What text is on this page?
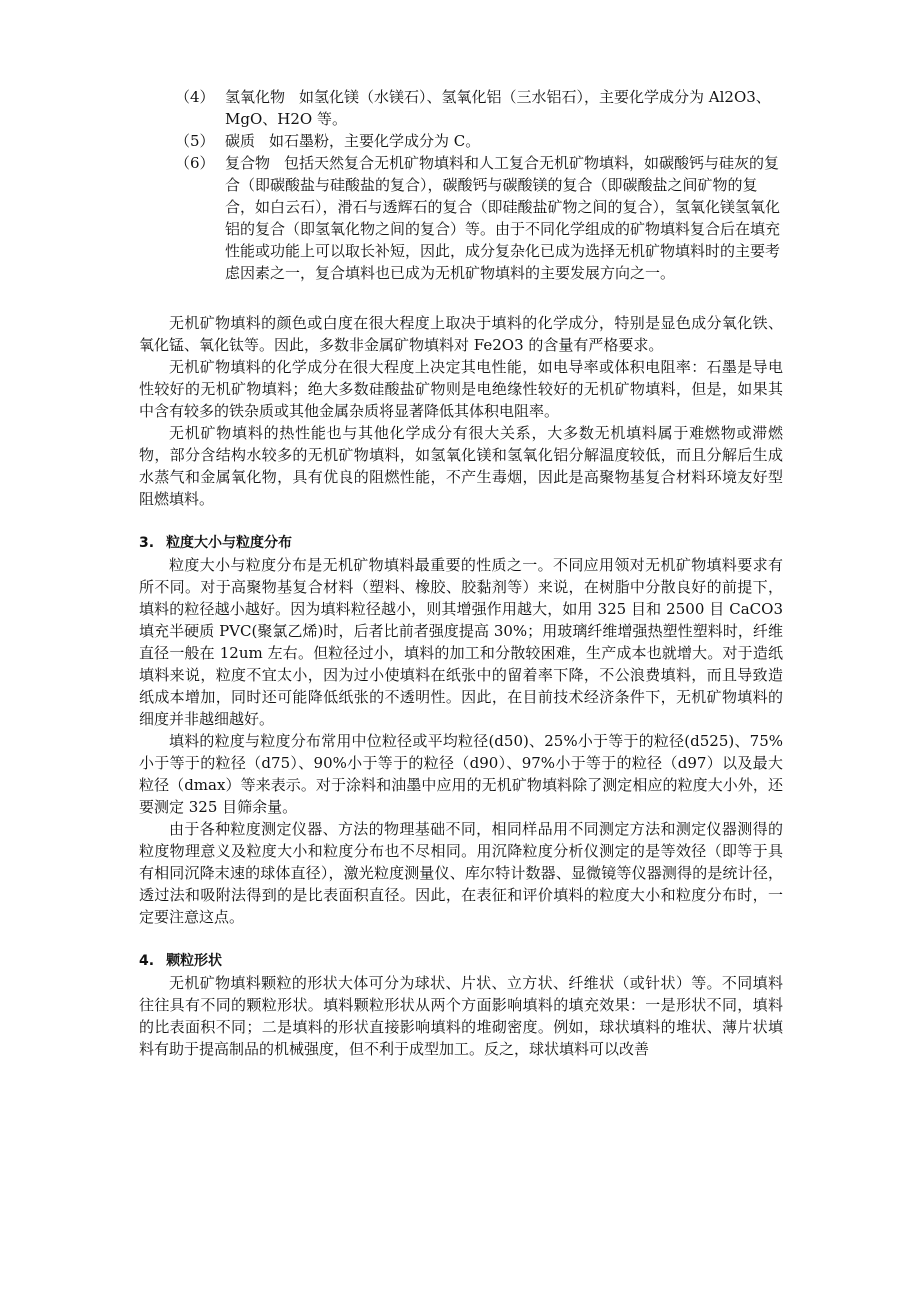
（4） 氢氧化物 如氢化镁（水镁石）、氢氧化铝（三水铝石），主要化学成分为 Al2O3、MgO、H2O 等。
（5） 碳质 如石墨粉，主要化学成分为 C。
（6） 复合物 包括天然复合无机矿物填料和人工复合无机矿物填料，如碳酸钙与硅灰的复合（即碳酸盐与硅酸盐的复合），碳酸钙与碳酸镁的复合（即碳酸盐之间矿物的复合，如白云石），滑石与透辉石的复合（即硅酸盐矿物之间的复合），氢氧化镁氢氧化铝的复合（即氢氧化物之间的复合）等。由于不同化学组成的矿物填料复合后在填充性能或功能上可以取长补短，因此，成分复杂化已成为选择无机矿物填料时的主要考虑因素之一，复合填料也已成为无机矿物填料的主要发展方向之一。

无机矿物填料的颜色或白度在很大程度上取决于填料的化学成分，特别是显色成分氧化铁、氧化锰、氧化钛等。因此，多数非金属矿物填料对 Fe2O3 的含量有严格要求。

无机矿物填料的化学成分在很大程度上决定其电性能，如电导率或体积电阻率：石墨是导电性较好的无机矿物填料；绝大多数硅酸盐矿物则是电绝缘性较好的无机矿物填料，但是，如果其中含有较多的铁杂质或其他金属杂质将显著降低其体积电阻率。

无机矿物填料的热性能也与其他化学成分有很大关系，大多数无机填料属于难燃物或滞燃物，部分含结构水较多的无机矿物填料，如氢氧化镁和氢氧化铝分解温度较低，而且分解后生成水蒸气和金属氧化物，具有优良的阻燃性能，不产生毒烟，因此是高聚物基复合材料环境友好型阻燃填料。

3. 粒度大小与粒度分布

粒度大小与粒度分布是无机矿物填料最重要的性质之一。不同应用领对无机矿物填料要求有所不同。对于高聚物基复合材料（塑料、橡胶、胶黏剂等）来说，在树脂中分散良好的前提下，填料的粒径越小越好。因为填料粒径越小，则其增强作用越大，如用 325 目和 2500 目 CaCO3 填充半硬质 PVC(聚氯乙烯)时，后者比前者强度提高 30%；用玻璃纤维增强热塑性塑料时，纤维直径一般在 12um 左右。但粒径过小，填料的加工和分散较困难，生产成本也就增大。对于造纸填料来说，粒度不宜太小，因为过小使填料在纸张中的留着率下降，不公浪费填料，而且导致造纸成本增加，同时还可能降低纸张的不透明性。因此，在目前技术经济条件下，无机矿物填料的细度并非越细越好。

填料的粒度与粒度分布常用中位粒径或平均粒径(d50)、25%小于等于的粒径(d525)、75%小于等于的粒径（d75）、90%小于等于的粒径（d90）、97%小于等于的粒径（d97）以及最大粒径（dmax）等来表示。对于涂料和油墨中应用的无机矿物填料除了测定相应的粒度大小外，还要测定 325 目筛余量。

由于各种粒度测定仪器、方法的物理基础不同，相同样品用不同测定方法和测定仪器测得的粒度物理意义及粒度大小和粒度分布也不尽相同。用沉降粒度分析仪测定的是等效径（即等于具有相同沉降末速的球体直径），激光粒度测量仪、库尔特计数器、显微镜等仪器测得的是统计径，透过法和吸附法得到的是比表面积直径。因此，在表征和评价填料的粒度大小和粒度分布时，一定要注意这点。

4. 颗粒形状

无机矿物填料颗粒的形状大体可分为球状、片状、立方状、纤维状（或针状）等。不同填料往往具有不同的颗粒形状。填料颗粒形状从两个方面影响填料的填充效果：一是形状不同，填料的比表面积不同；二是填料的形状直接影响填料的堆砌密度。例如，球状填料的堆状、薄片状填料有助于提高制品的机械强度，但不利于成型加工。反之，球状填料可以改善
